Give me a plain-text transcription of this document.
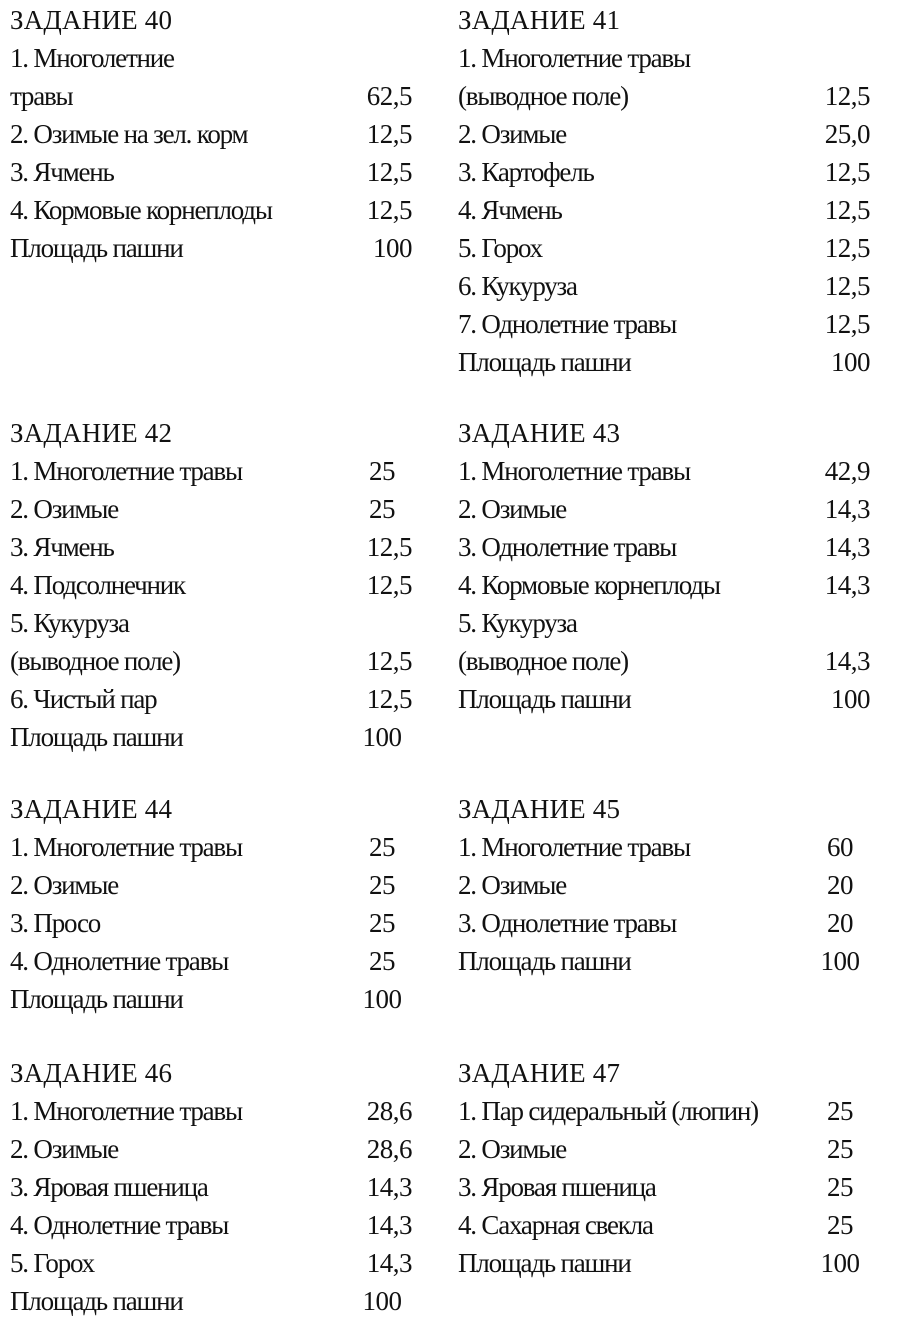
ЗАДАНИЕ 40
1. Многолетние
травы	62,5
2. Озимые на зел. корм	12,5
3. Ячмень	12,5
4. Кормовые корнеплоды	12,5
Площадь пашни	100
ЗАДАНИЕ 41
1. Многолетние травы
(выводное поле)	12,5
2. Озимые	25,0
3. Картофель	12,5
4. Ячмень	12,5
5. Горох	12,5
6. Кукуруза	12,5
7. Однолетние травы	12,5
Площадь пашни	100
ЗАДАНИЕ 42
1. Многолетние травы	25
2. Озимые	25
3. Ячмень	12,5
4. Подсолнечник	12,5
5. Кукуруза
(выводное поле)	12,5
6. Чистый пар	12,5
Площадь пашни	100
ЗАДАНИЕ 43
1. Многолетние травы	42,9
2. Озимые	14,3
3. Однолетние травы	14,3
4. Кормовые корнеплоды	14,3
5. Кукуруза
(выводное поле)	14,3
Площадь пашни	100
ЗАДАНИЕ 44
1. Многолетние травы	25
2. Озимые	25
3. Просо	25
4. Однолетние травы	25
Площадь пашни	100
ЗАДАНИЕ 45
1. Многолетние травы	60
2. Озимые	20
3. Однолетние травы	20
Площадь пашни	100
ЗАДАНИЕ 46
1. Многолетние травы	28,6
2. Озимые	28,6
3. Яровая пшеница	14,3
4. Однолетние травы	14,3
5. Горох	14,3
Площадь пашни	100
ЗАДАНИЕ 47
1. Пар сидеральный (люпин)	25
2. Озимые	25
3. Яровая пшеница	25
4. Сахарная свекла	25
Площадь пашни	100
